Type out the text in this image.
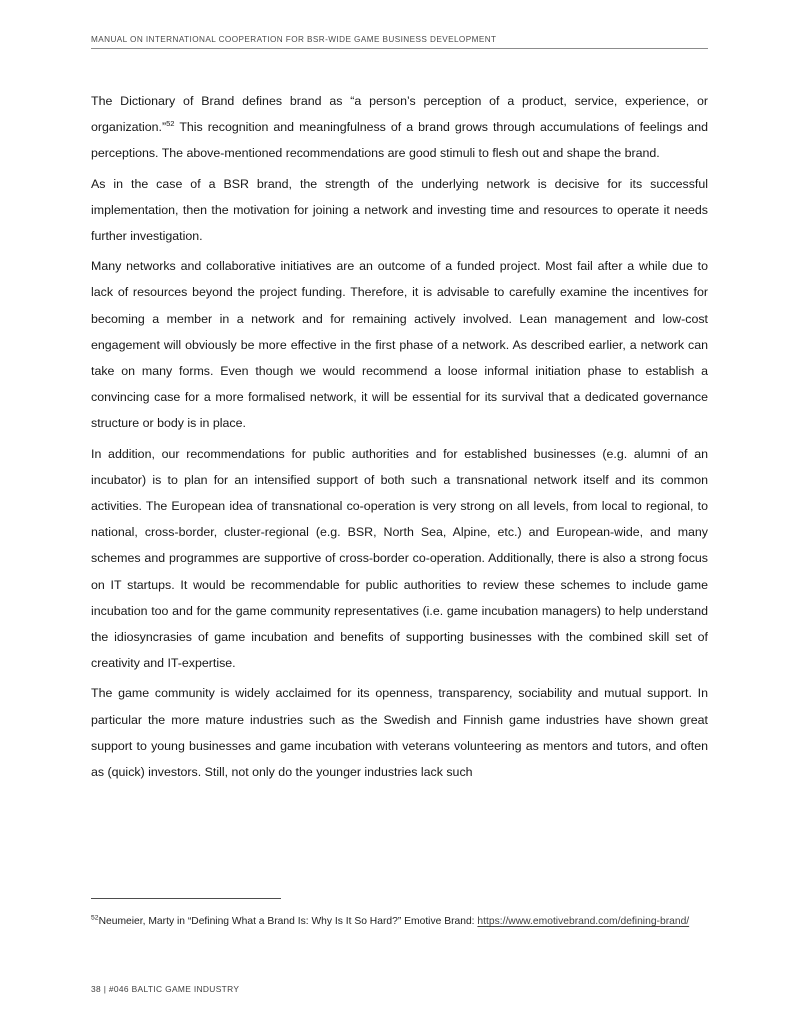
MANUAL ON INTERNATIONAL COOPERATION FOR BSR-WIDE GAME BUSINESS DEVELOPMENT

The Dictionary of Brand defines brand as “a person’s perception of a product, service, experience, or organization.”$^{52}$ This recognition and meaningfulness of a brand grows through accumulations of feelings and perceptions. The above-mentioned recommendations are good stimuli to flesh out and shape the brand.

As in the case of a BSR brand, the strength of the underlying network is decisive for its successful implementation, then the motivation for joining a network and investing time and resources to operate it needs further investigation.

Many networks and collaborative initiatives are an outcome of a funded project. Most fail after a while due to lack of resources beyond the project funding. Therefore, it is advisable to carefully examine the incentives for becoming a member in a network and for remaining actively involved. Lean management and low-cost engagement will obviously be more effective in the first phase of a network. As described earlier, a network can take on many forms. Even though we would recommend a loose informal initiation phase to establish a convincing case for a more formalised network, it will be essential for its survival that a dedicated governance structure or body is in place.

In addition, our recommendations for public authorities and for established businesses (e.g. alumni of an incubator) is to plan for an intensified support of both such a transnational network itself and its common activities. The European idea of transnational co-operation is very strong on all levels, from local to regional, to national, cross-border, cluster-regional (e.g. BSR, North Sea, Alpine, etc.) and European-wide, and many schemes and programmes are supportive of cross-border co-operation. Additionally, there is also a strong focus on IT startups. It would be recommendable for public authorities to review these schemes to include game incubation too and for the game community representatives (i.e. game incubation managers) to help understand the idiosyncrasies of game incubation and benefits of supporting businesses with the combined skill set of creativity and IT-expertise.

The game community is widely acclaimed for its openness, transparency, sociability and mutual support. In particular the more mature industries such as the Swedish and Finnish game industries have shown great support to young businesses and game incubation with veterans volunteering as mentors and tutors, and often as (quick) investors. Still, not only do the younger industries lack such

$^{52}$Neumeier, Marty in “Defining What a Brand Is: Why Is It So Hard?” Emotive Brand: https://www.emotivebrand.com/defining-brand/

38 | #046 BALTIC GAME INDUSTRY
